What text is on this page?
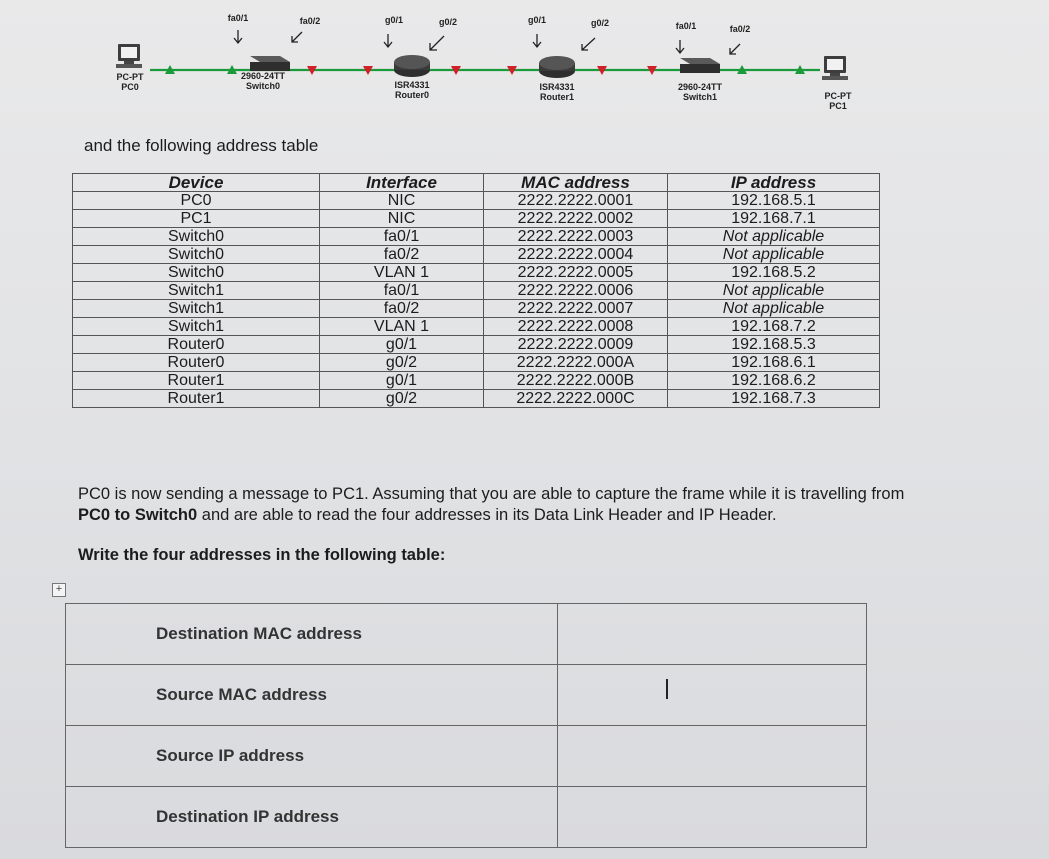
PC-PT
PC0
2960-24TT
Switch0	ISR4331
Router0
ISR4331
Router1
2960-24TT
Switch1	PC-PT
PC1
fa0/1	fa0/2	g0/1	g0/2	g0/1	g0/2	fa0/1	fa0/2
and the following address table
Device	Interface	MAC address	IP address
PC0	NIC	2222.2222.0001	192.168.5.1
PC1	NIC	2222.2222.0002	192.168.7.1
Switch0	fa0/1	2222.2222.0003	Not applicable
Switch0	fa0/2	2222.2222.0004	Not applicable
Switch0	VLAN 1	2222.2222.0005	192.168.5.2
Switch1	fa0/1	2222.2222.0006	Not applicable
Switch1	fa0/2	2222.2222.0007	Not applicable
Switch1	VLAN 1	2222.2222.0008	192.168.7.2
Router0	g0/1	2222.2222.0009	192.168.5.3
Router0	g0/2	2222.2222.000A	192.168.6.1
Router1	g0/1	2222.2222.000B	192.168.6.2
Router1	g0/2	2222.2222.000C	192.168.7.3
PC0 is now sending a message to PC1. Assuming that you are able to capture the frame while it is travelling from
PC0 to Switch0 and are able to read the four addresses in its Data Link Header and IP Header.
Write the four addresses in the following table:
+
Destination MAC address	
Source MAC address	
Source IP address	
Destination IP address	
